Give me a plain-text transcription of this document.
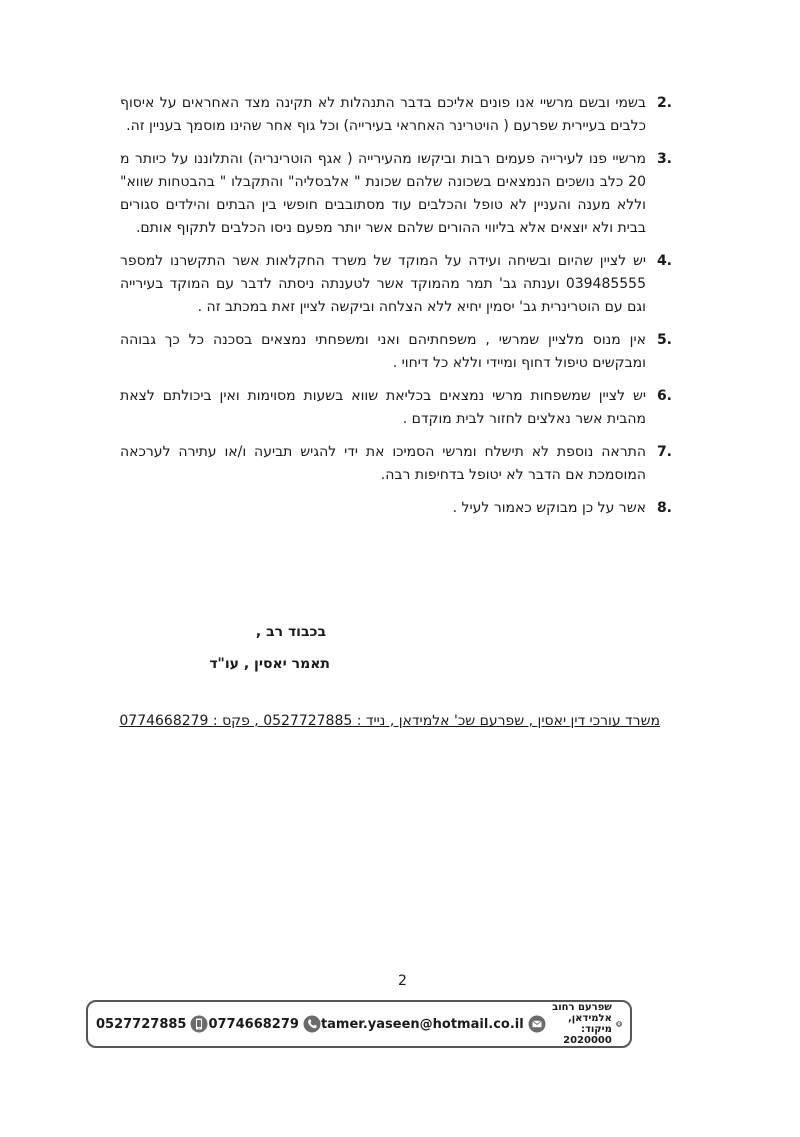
2.
בשמי ובשם מרשיי אנו פונים אליכם בדבר התנהלות לא תקינה מצד האחראים על איסוף כלבים בעיירית שפרעם ( הויטרינר האחראי בעירייה) וכל גוף אחר שהינו מוסמך בעניין זה.
3.
מרשיי פנו לעירייה פעמים רבות וביקשו מהעירייה ( אגף הוטרינריה) והתלוננו על כיותר מ 20 כלב נושכים הנמצאים בשכונה שלהם שכונת " אלבסליה" והתקבלו " בהבטחות שווא" וללא מענה והעניין לא טופל והכלבים עוד מסתובבים חופשי בין הבתים והילדים סגורים בבית ולא יוצאים אלא בליווי ההורים שלהם אשר יותר מפעם ניסו הכלבים לתקוף אותם.
4.
יש לציין שהיום ובשיחה ועידה על המוקד של משרד החקלאות אשר התקשרנו למספר 039485555 וענתה גב' תמר מהמוקד אשר לטענתה ניסתה לדבר עם המוקד בעירייה וגם עם הוטרינרית גב' יסמין יחיא ללא הצלחה וביקשה לציין זאת במכתב זה .
5.
אין מנוס מלציין שמרשי , משפחתיהם ואני ומשפחתי נמצאים בסכנה כל כך גבוהה ומבקשים טיפול דחוף ומיידי וללא כל דיחוי .
6.
יש לציין שמשפחות מרשי נמצאים בכליאת שווא בשעות מסוימות ואין ביכולתם לצאת מהבית אשר נאלצים לחזור לבית מוקדם .
7.
התראה נוספת לא תישלח ומרשי הסמיכו את ידי להגיש תביעה ו/או עתירה לערכאה המוסמכת אם הדבר לא יטופל בדחיפות רבה.
8.
אשר על כן מבוקש כאמור לעיל .
בכבוד רב ,
תאמר יאסין , עו"ד
משרד עורכי דין יאסין , שפרעם שכ' אלמידאן , נייד : 0527727885 , פקס : 0774668279
2
0527727885 0774668279 tamer.yaseen@hotmail.co.il
שפרעם רחוב אלמידאן, מיקוד: 2020000
